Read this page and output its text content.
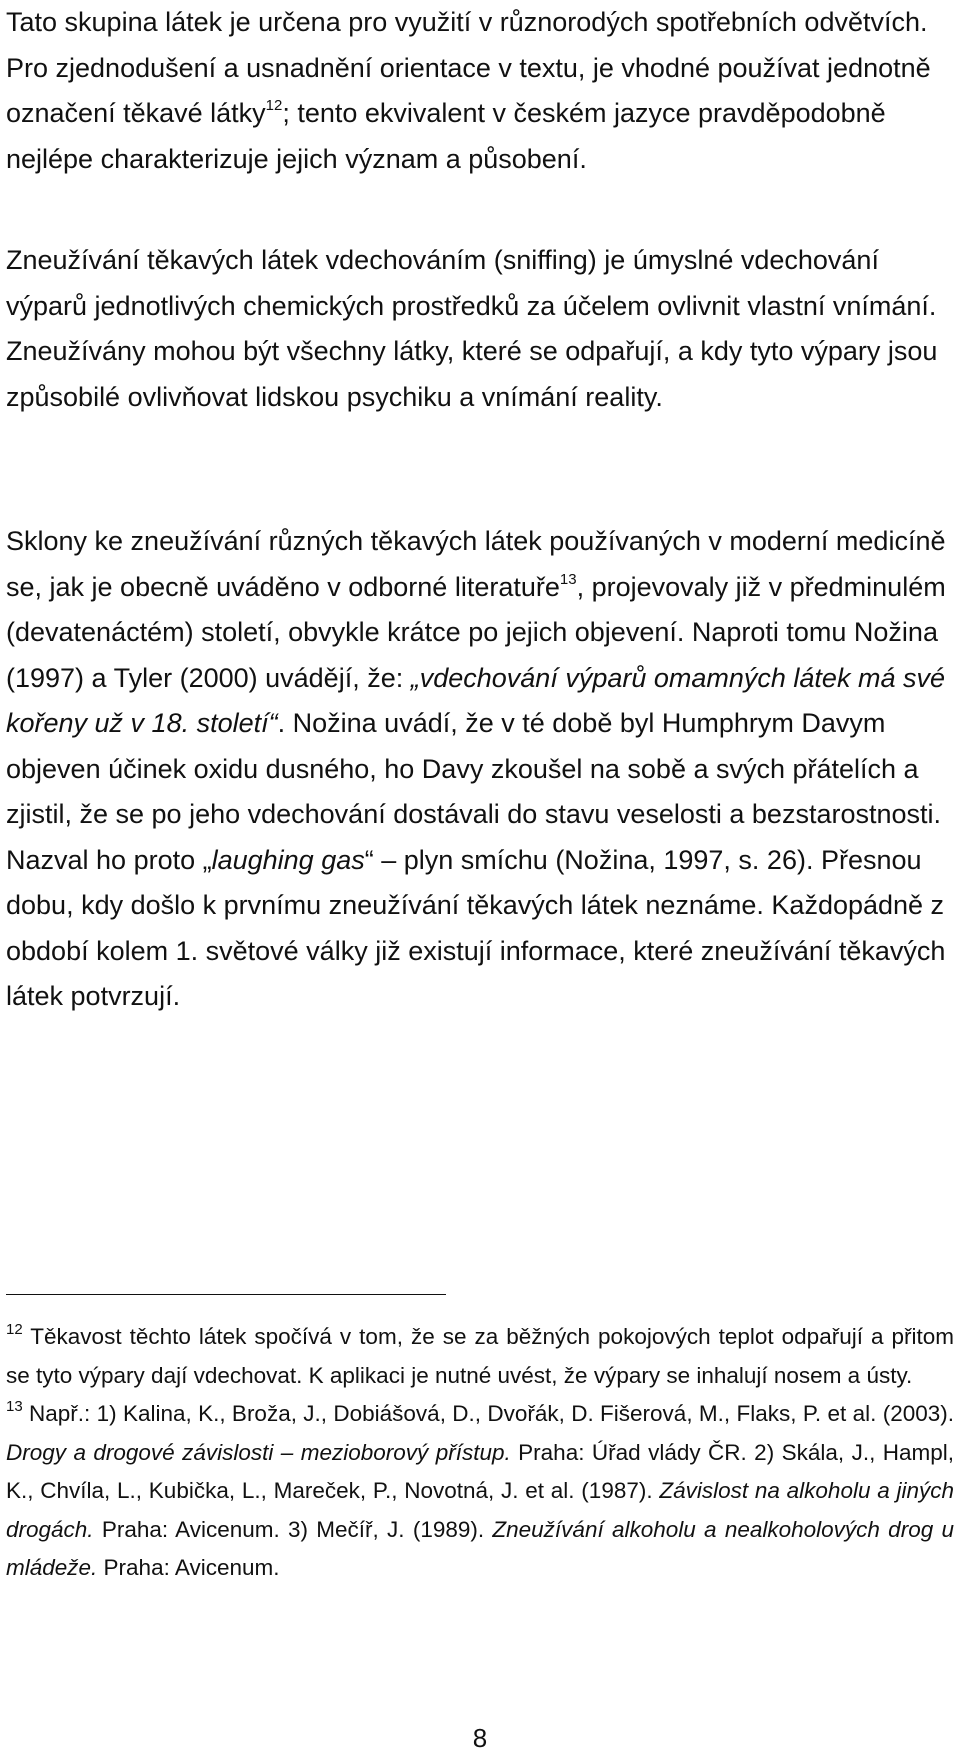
Tato skupina látek je určena pro využití v různorodých spotřebních odvětvích. Pro zjednodušení a usnadnění orientace v textu, je vhodné používat jednotně označení těkavé látky$^{12}$; tento ekvivalent v českém jazyce pravděpodobně nejlépe charakterizuje jejich význam a působení.

Zneužívání těkavých látek vdechováním (sniffing) je úmyslné vdechování výparů jednotlivých chemických prostředků za účelem ovlivnit vlastní vnímání. Zneužívány mohou být všechny látky, které se odpařují, a kdy tyto výpary jsou způsobilé ovlivňovat lidskou psychiku a vnímání reality.

Sklony ke zneužívání různých těkavých látek používaných v moderní medicíně se, jak je obecně uváděno v odborné literatuře$^{13}$, projevovaly již v předminulém (devatenáctém) století, obvykle krátce po jejich objevení. Naproti tomu Nožina (1997) a Tyler (2000) uvádějí, že: „vdechování výparů omamných látek má své kořeny už v 18. století“. Nožina uvádí, že v té době byl Humphrym Davym objeven účinek oxidu dusného, ho Davy zkoušel na sobě a svých přátelích a zjistil, že se po jeho vdechování dostávali do stavu veselosti a bezstarostnosti. Nazval ho proto „laughing gas“ – plyn smíchu (Nožina, 1997, s. 26). Přesnou dobu, kdy došlo k prvnímu zneužívání těkavých látek neznáme. Každopádně z období kolem 1. světové války již existují informace, které zneužívání těkavých látek potvrzují.

$^{12}$ Těkavost těchto látek spočívá v tom, že se za běžných pokojových teplot odpařují a přitom se tyto výpary dají vdechovat. K aplikaci je nutné uvést, že výpary se inhalují nosem a ústy.

$^{13}$ Např.: 1) Kalina, K., Broža, J., Dobiášová, D., Dvořák, D. Fišerová, M., Flaks, P. et al. (2003). Drogy a drogové závislosti – mezioborový přístup. Praha: Úřad vlády ČR. 2) Skála, J., Hampl, K., Chvíla, L., Kubička, L., Mareček, P., Novotná, J. et al. (1987). Závislost na alkoholu a jiných drogách. Praha: Avicenum. 3) Mečíř, J. (1989). Zneužívání alkoholu a nealkoholových drog u mládeže. Praha: Avicenum.

8
